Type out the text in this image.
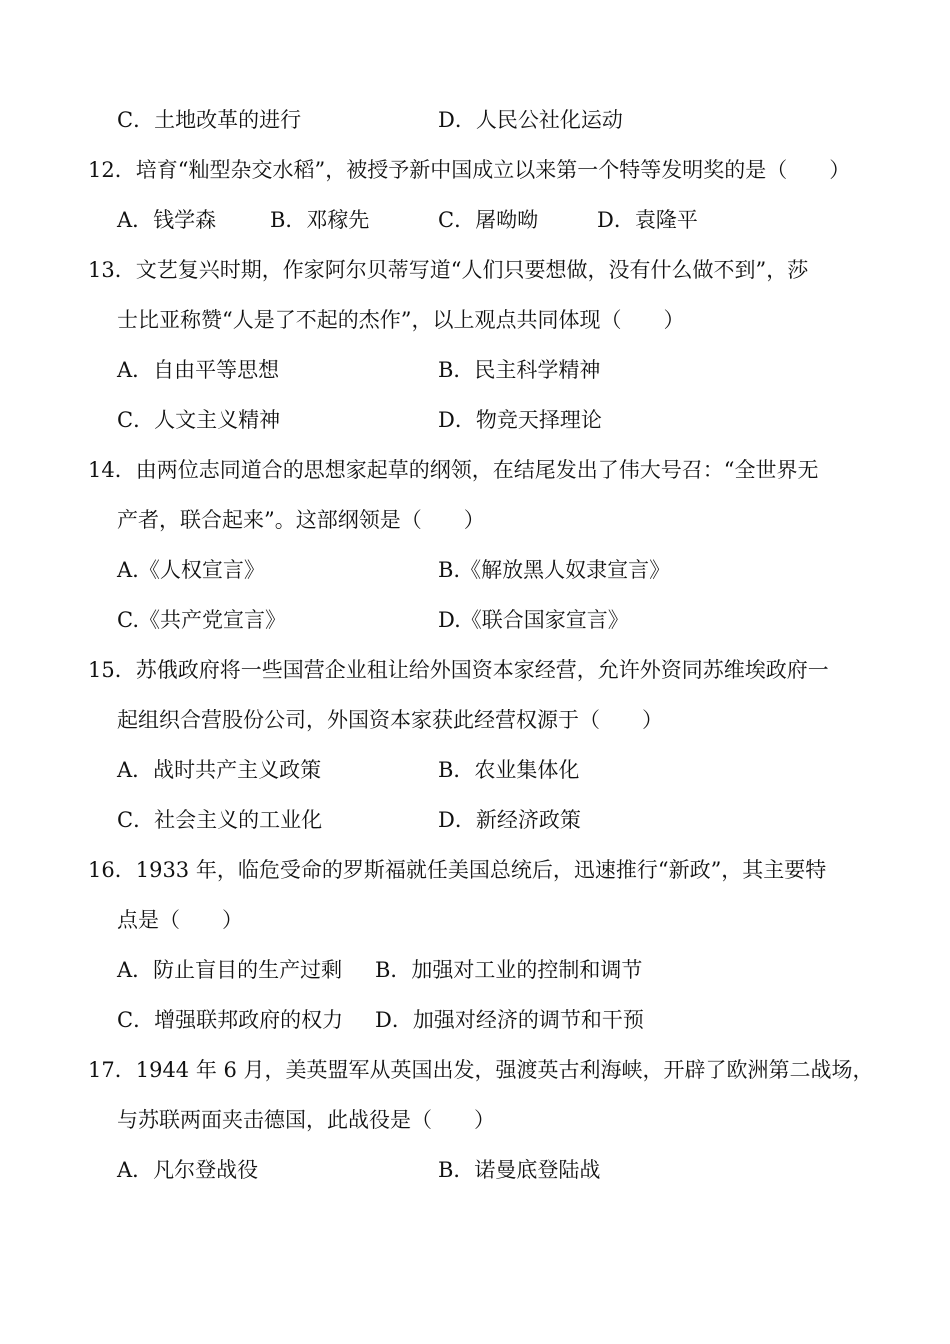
C．土地改革的进行	D．人民公社化运动
12．培育“籼型杂交水稻”，被授予新中国成立以来第一个特等发明奖的是（　　）
A．钱学森	B．邓稼先	C．屠呦呦	D．袁隆平
13．文艺复兴时期，作家阿尔贝蒂写道“人们只要想做，没有什么做不到”，莎
士比亚称赞“人是了不起的杰作”，以上观点共同体现（　　）
A．自由平等思想	B．民主科学精神
C．人文主义精神	D．物竞天择理论
14．由两位志同道合的思想家起草的纲领，在结尾发出了伟大号召：“全世界无
产者，联合起来”。这部纲领是（　　）
A.《人权宣言》	B.《解放黑人奴隶宣言》
C.《共产党宣言》	D.《联合国家宣言》
15．苏俄政府将一些国营企业租让给外国资本家经营，允许外资同苏维埃政府一
起组织合营股份公司，外国资本家获此经营权源于（　　）
A．战时共产主义政策	B．农业集体化
C．社会主义的工业化	D．新经济政策
16．1933 年，临危受命的罗斯福就任美国总统后，迅速推行“新政”，其主要特
点是（　　）
A．防止盲目的生产过剩 B．加强对工业的控制和调节
C．增强联邦政府的权力 D．加强对经济的调节和干预
17．1944 年 6 月，美英盟军从英国出发，强渡英古利海峡，开辟了欧洲第二战场，
与苏联两面夹击德国，此战役是（　　）
A．凡尔登战役	B．诺曼底登陆战
